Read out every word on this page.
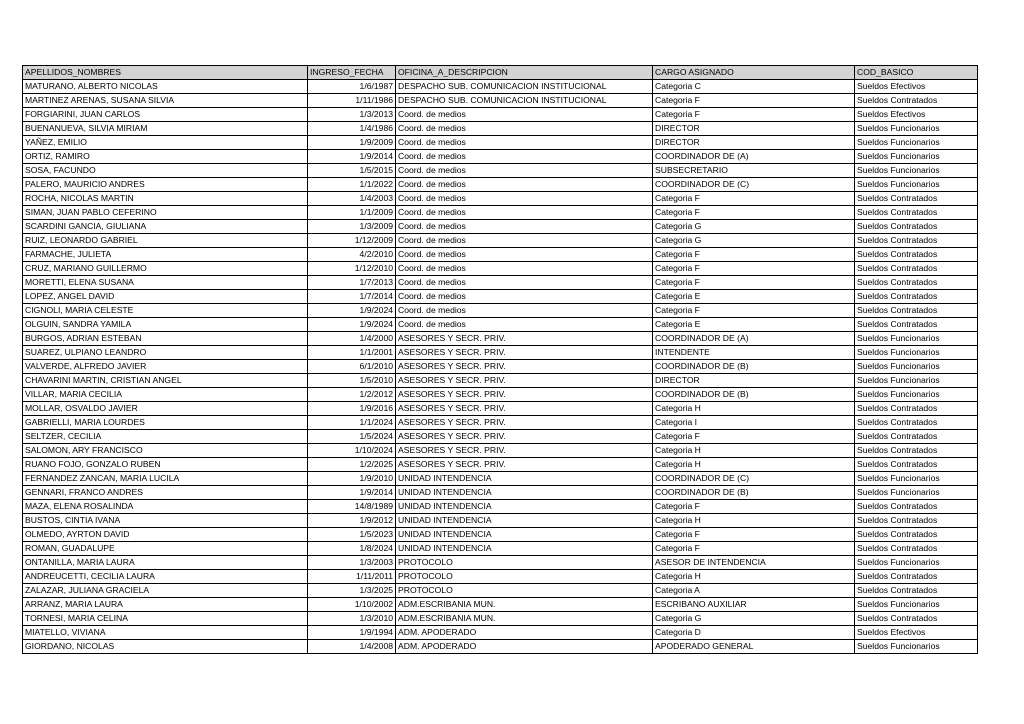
APELLIDOS_NOMBRES	INGRESO_FECHA	OFICINA_A_DESCRIPCION	CARGO ASIGNADO	COD_BASICO
MATURANO, ALBERTO NICOLAS	1/6/1987	DESPACHO SUB. COMUNICACION INSTITUCIONAL	Categoria C	Sueldos Efectivos
MARTINEZ ARENAS, SUSANA SILVIA	1/11/1986	DESPACHO SUB. COMUNICACION INSTITUCIONAL	Categoria F	Sueldos Contratados
FORGIARINI, JUAN CARLOS	1/3/2013	Coord. de medios	Categoria F	Sueldos Efectivos
BUENANUEVA, SILVIA MIRIAM	1/4/1986	Coord. de medios	DIRECTOR	Sueldos Funcionarios
YAÑEZ, EMILIO	1/9/2009	Coord. de medios	DIRECTOR	Sueldos Funcionarios
ORTIZ, RAMIRO	1/9/2014	Coord. de medios	COORDINADOR DE (A)	Sueldos Funcionarios
SOSA, FACUNDO	1/5/2015	Coord. de medios	SUBSECRETARIO	Sueldos Funcionarios
PALERO, MAURICIO ANDRES	1/1/2022	Coord. de medios	COORDINADOR DE (C)	Sueldos Funcionarios
ROCHA, NICOLAS MARTIN	1/4/2003	Coord. de medios	Categoria F	Sueldos Contratados
SIMAN, JUAN PABLO CEFERINO	1/1/2009	Coord. de medios	Categoria F	Sueldos Contratados
SCARDINI GANCIA, GIULIANA	1/3/2009	Coord. de medios	Categoria G	Sueldos Contratados
RUIZ, LEONARDO GABRIEL	1/12/2009	Coord. de medios	Categoria G	Sueldos Contratados
FARMACHE, JULIETA	4/2/2010	Coord. de medios	Categoria F	Sueldos Contratados
CRUZ, MARIANO GUILLERMO	1/12/2010	Coord. de medios	Categoria F	Sueldos Contratados
MORETTI, ELENA SUSANA	1/7/2013	Coord. de medios	Categoria F	Sueldos Contratados
LOPEZ, ANGEL DAVID	1/7/2014	Coord. de medios	Categoria E	Sueldos Contratados
CIGNOLI, MARIA CELESTE	1/9/2024	Coord. de medios	Categoria F	Sueldos Contratados
OLGUIN, SANDRA YAMILA	1/9/2024	Coord. de medios	Categoria E	Sueldos Contratados
BURGOS, ADRIAN ESTEBAN	1/4/2000	ASESORES Y SECR. PRIV.	COORDINADOR DE (A)	Sueldos Funcionarios
SUAREZ, ULPIANO LEANDRO	1/1/2001	ASESORES Y SECR. PRIV.	INTENDENTE	Sueldos Funcionarios
VALVERDE, ALFREDO JAVIER	6/1/2010	ASESORES Y SECR. PRIV.	COORDINADOR DE (B)	Sueldos Funcionarios
CHAVARINI MARTIN, CRISTIAN ANGEL	1/5/2010	ASESORES Y SECR. PRIV.	DIRECTOR	Sueldos Funcionarios
VILLAR, MARIA CECILIA	1/2/2012	ASESORES Y SECR. PRIV.	COORDINADOR DE (B)	Sueldos Funcionarios
MOLLAR, OSVALDO JAVIER	1/9/2016	ASESORES Y SECR. PRIV.	Categoria H	Sueldos Contratados
GABRIELLI, MARIA LOURDES	1/1/2024	ASESORES Y SECR. PRIV.	Categoria I	Sueldos Contratados
SELTZER, CECILIA	1/5/2024	ASESORES Y SECR. PRIV.	Categoria F	Sueldos Contratados
SALOMON, ARY FRANCISCO	1/10/2024	ASESORES Y SECR. PRIV.	Categoria H	Sueldos Contratados
RUANO FOJO, GONZALO RUBEN	1/2/2025	ASESORES Y SECR. PRIV.	Categoria H	Sueldos Contratados
FERNANDEZ ZANCAN, MARIA LUCILA	1/9/2010	UNIDAD INTENDENCIA	COORDINADOR DE (C)	Sueldos Funcionarios
GENNARI, FRANCO ANDRES	1/9/2014	UNIDAD INTENDENCIA	COORDINADOR DE (B)	Sueldos Funcionarios
MAZA, ELENA ROSALINDA	14/8/1989	UNIDAD INTENDENCIA	Categoria F	Sueldos Contratados
BUSTOS, CINTIA IVANA	1/9/2012	UNIDAD INTENDENCIA	Categoria H	Sueldos Contratados
OLMEDO, AYRTON DAVID	1/5/2023	UNIDAD INTENDENCIA	Categoria F	Sueldos Contratados
ROMAN, GUADALUPE	1/8/2024	UNIDAD INTENDENCIA	Categoria F	Sueldos Contratados
ONTANILLA, MARIA LAURA	1/3/2003	PROTOCOLO	ASESOR DE INTENDENCIA	Sueldos Funcionarios
ANDREUCETTI, CECILIA LAURA	1/11/2011	PROTOCOLO	Categoria H	Sueldos Contratados
ZALAZAR, JULIANA GRACIELA	1/3/2025	PROTOCOLO	Categoria A	Sueldos Contratados
ARRANZ, MARIA LAURA	1/10/2002	ADM.ESCRIBANIA MUN.	ESCRIBANO AUXILIAR	Sueldos Funcionarios
TORNESI, MARIA CELINA	1/3/2010	ADM.ESCRIBANIA MUN.	Categoria G	Sueldos Contratados
MIATELLO, VIVIANA	1/9/1994	ADM. APODERADO	Categoria D	Sueldos Efectivos
GIORDANO, NICOLAS	1/4/2008	ADM. APODERADO	APODERADO GENERAL	Sueldos Funcionarios
